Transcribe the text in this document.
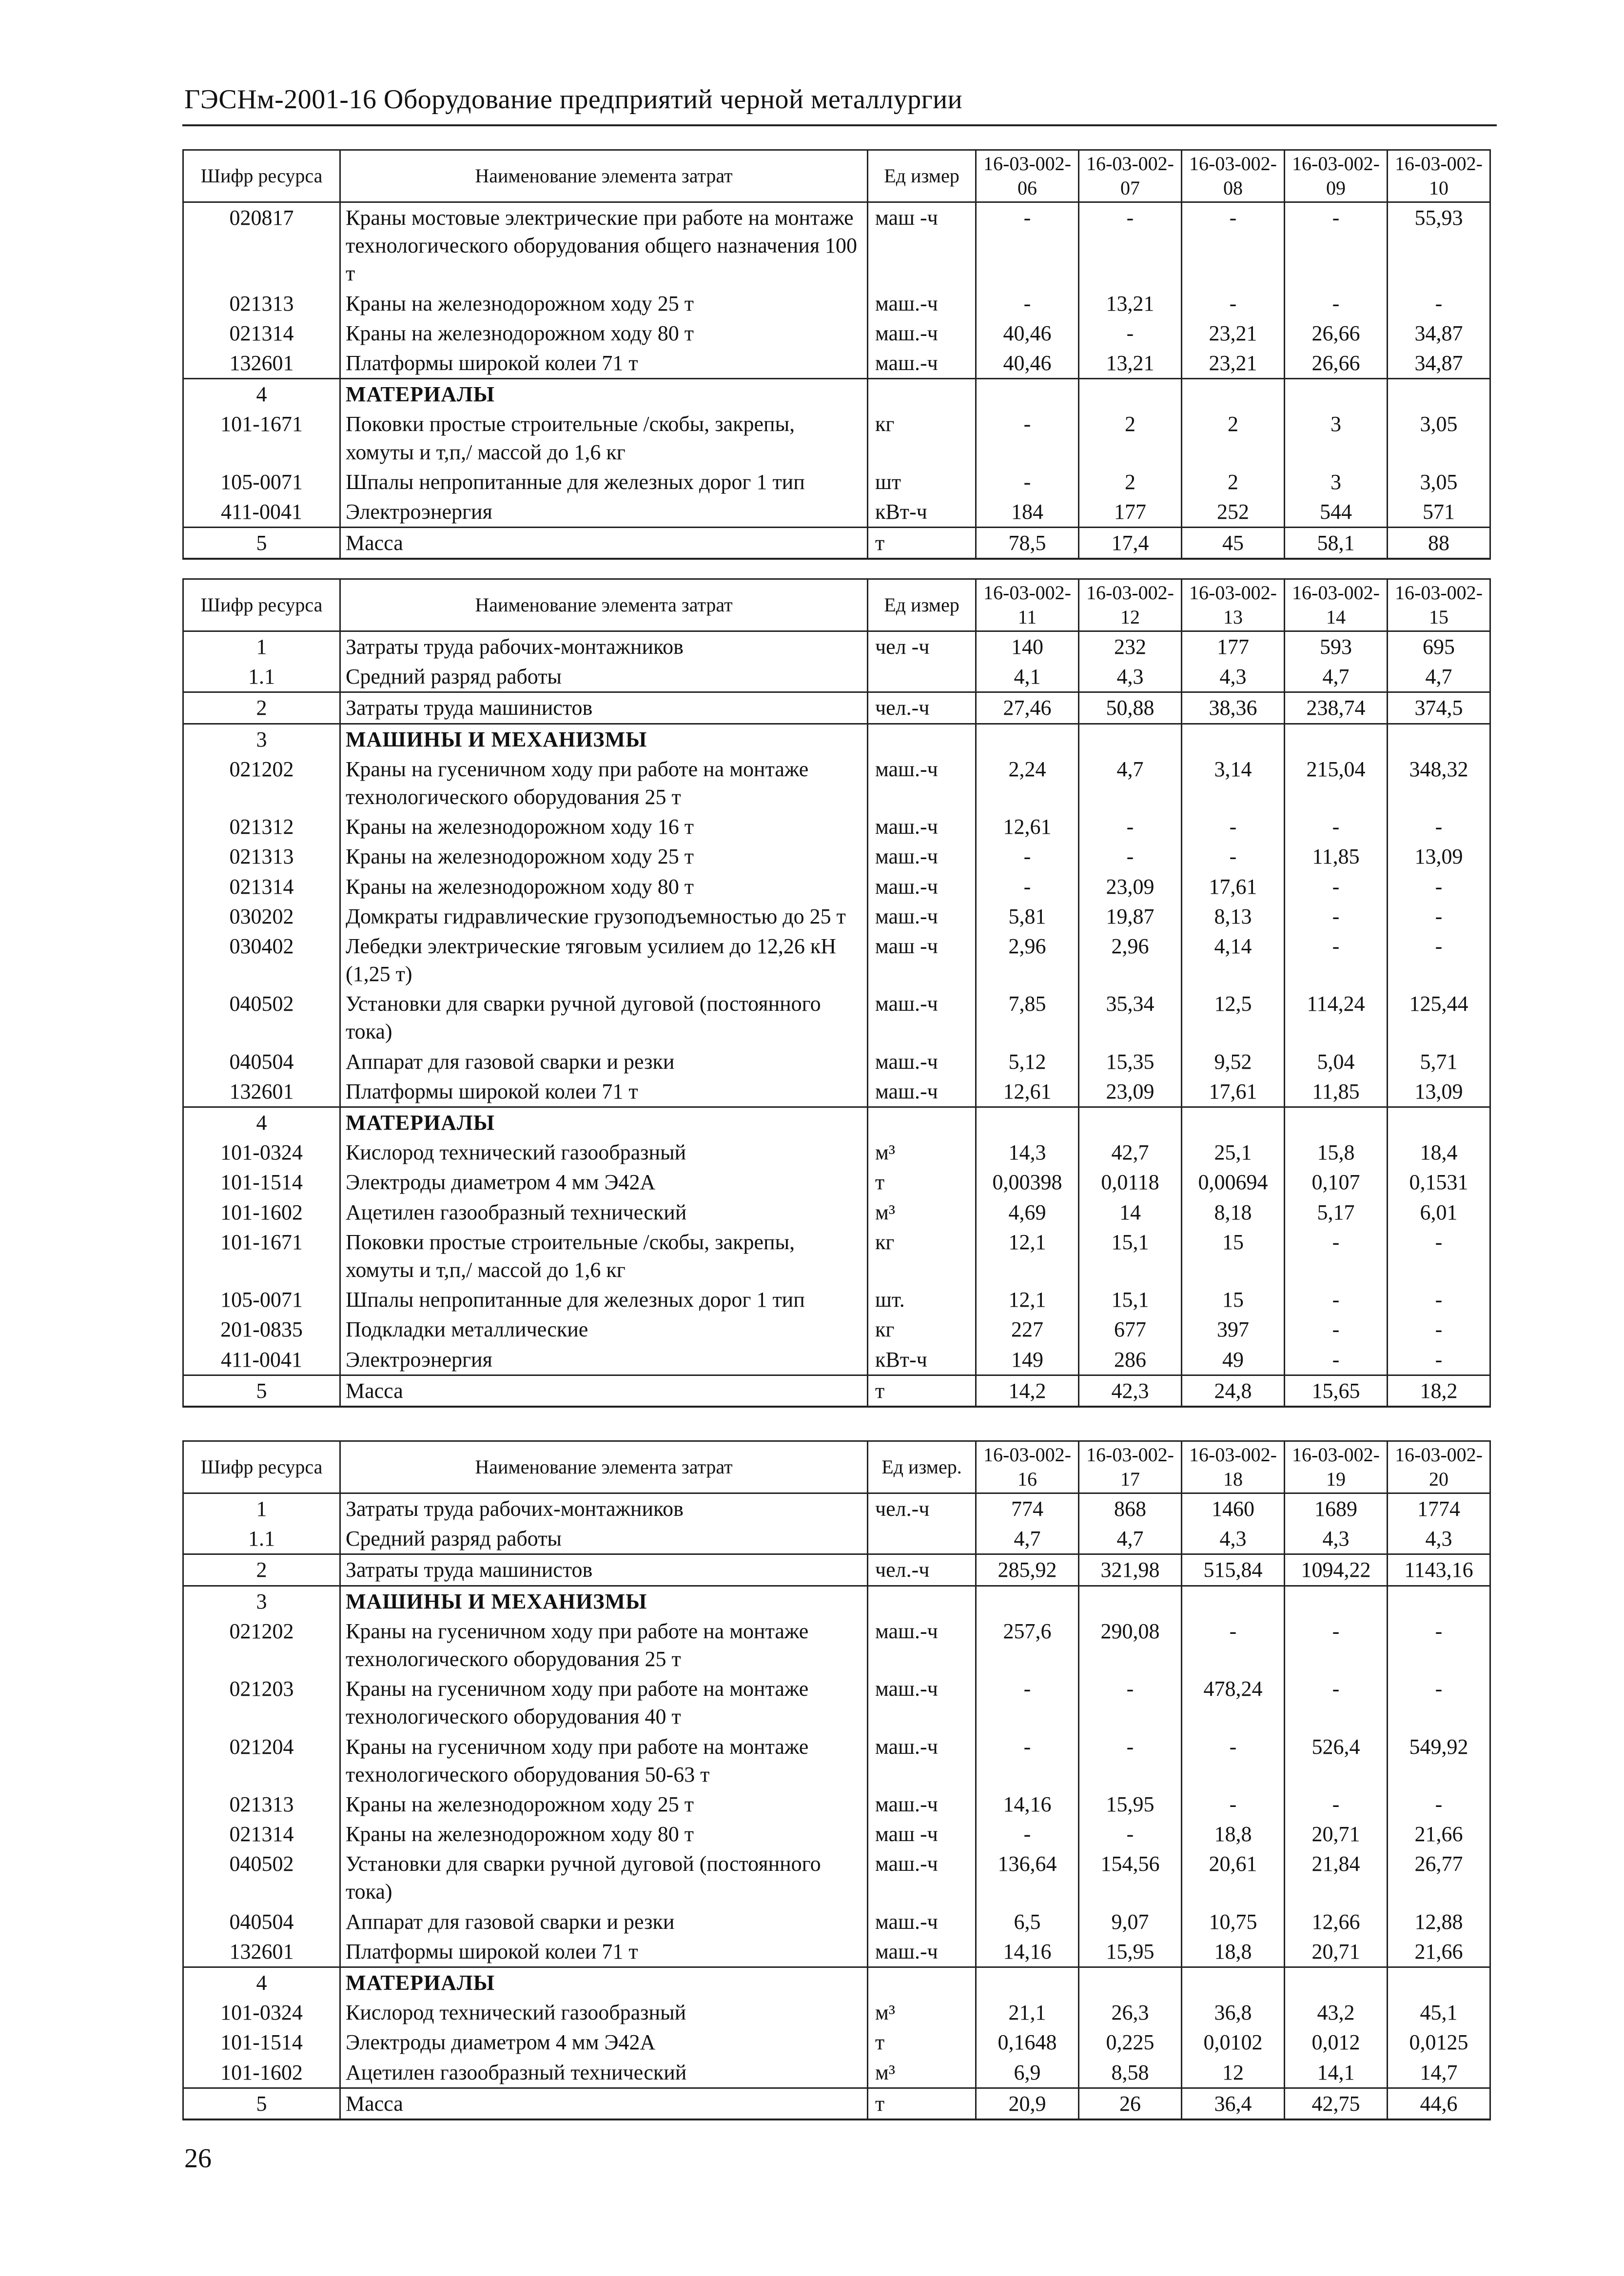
ГЭСНм-2001-16 Оборудование предприятий черной металлургии
Шифр ресурса	Наименование элемента затрат	Ед измер	16-03-002-06	16-03-002-07	16-03-002-08	16-03-002-09	16-03-002-10
020817	Краны мостовые электрические при работе на монтаже технологического оборудования общего назначения 100 т	маш -ч	-	-	-	-	55,93
021313	Краны на железнодорожном ходу 25 т	маш.-ч	-	13,21	-	-	-
021314	Краны на железнодорожном ходу 80 т	маш.-ч	40,46	-	23,21	26,66	34,87
132601	Платформы широкой колеи 71 т	маш.-ч	40,46	13,21	23,21	26,66	34,87
4	МАТЕРИАЛЫ						
101-1671	Поковки простые строительные /скобы, закрепы, хомуты и т,п,/ массой до 1,6 кг	кг	-	2	2	3	3,05
105-0071	Шпалы непропитанные для железных дорог 1 тип	шт	-	2	2	3	3,05
411-0041	Электроэнергия	кВт-ч	184	177	252	544	571
5	Масса	т	78,5	17,4	45	58,1	88
Шифр ресурса	Наименование элемента затрат	Ед измер	16-03-002-11	16-03-002-12	16-03-002-13	16-03-002-14	16-03-002-15
1	Затраты труда рабочих-монтажников	чел -ч	140	232	177	593	695
1.1	Средний разряд работы		4,1	4,3	4,3	4,7	4,7
2	Затраты труда машинистов	чел.-ч	27,46	50,88	38,36	238,74	374,5
3	МАШИНЫ И МЕХАНИЗМЫ						
021202	Краны на гусеничном ходу при работе на монтаже технологического оборудования 25 т	маш.-ч	2,24	4,7	3,14	215,04	348,32
021312	Краны на железнодорожном ходу 16 т	маш.-ч	12,61	-	-	-	-
021313	Краны на железнодорожном ходу 25 т	маш.-ч	-	-	-	11,85	13,09
021314	Краны на железнодорожном ходу 80 т	маш.-ч	-	23,09	17,61	-	-
030202	Домкраты гидравлические грузоподъемностью до 25 т	маш.-ч	5,81	19,87	8,13	-	-
030402	Лебедки электрические тяговым усилием до 12,26 кН (1,25 т)	маш -ч	2,96	2,96	4,14	-	-
040502	Установки для сварки ручной дуговой (постоянного тока)	маш.-ч	7,85	35,34	12,5	114,24	125,44
040504	Аппарат для газовой сварки и резки	маш.-ч	5,12	15,35	9,52	5,04	5,71
132601	Платформы широкой колеи 71 т	маш.-ч	12,61	23,09	17,61	11,85	13,09
4	МАТЕРИАЛЫ						
101-0324	Кислород технический газообразный	м³	14,3	42,7	25,1	15,8	18,4
101-1514	Электроды диаметром 4 мм Э42А	т	0,00398	0,0118	0,00694	0,107	0,1531
101-1602	Ацетилен газообразный технический	м³	4,69	14	8,18	5,17	6,01
101-1671	Поковки простые строительные /скобы, закрепы, хомуты и т,п,/ массой до 1,6 кг	кг	12,1	15,1	15	-	-
105-0071	Шпалы непропитанные для железных дорог 1 тип	шт.	12,1	15,1	15	-	-
201-0835	Подкладки металлические	кг	227	677	397	-	-
411-0041	Электроэнергия	кВт-ч	149	286	49	-	-
5	Масса	т	14,2	42,3	24,8	15,65	18,2
Шифр ресурса	Наименование элемента затрат	Ед измер.	16-03-002-16	16-03-002-17	16-03-002-18	16-03-002-19	16-03-002-20
1	Затраты труда рабочих-монтажников	чел.-ч	774	868	1460	1689	1774
1.1	Средний разряд работы		4,7	4,7	4,3	4,3	4,3
2	Затраты труда машинистов	чел.-ч	285,92	321,98	515,84	1094,22	1143,16
3	МАШИНЫ И МЕХАНИЗМЫ						
021202	Краны на гусеничном ходу при работе на монтаже технологического оборудования 25 т	маш.-ч	257,6	290,08	-	-	-
021203	Краны на гусеничном ходу при работе на монтаже технологического оборудования 40 т	маш.-ч	-	-	478,24	-	-
021204	Краны на гусеничном ходу при работе на монтаже технологического оборудования 50-63 т	маш.-ч	-	-	-	526,4	549,92
021313	Краны на железнодорожном ходу 25 т	маш.-ч	14,16	15,95	-	-	-
021314	Краны на железнодорожном ходу 80 т	маш -ч	-	-	18,8	20,71	21,66
040502	Установки для сварки ручной дуговой (постоянного тока)	маш.-ч	136,64	154,56	20,61	21,84	26,77
040504	Аппарат для газовой сварки и резки	маш.-ч	6,5	9,07	10,75	12,66	12,88
132601	Платформы широкой колеи 71 т	маш.-ч	14,16	15,95	18,8	20,71	21,66
4	МАТЕРИАЛЫ						
101-0324	Кислород технический газообразный	м³	21,1	26,3	36,8	43,2	45,1
101-1514	Электроды диаметром 4 мм Э42А	т	0,1648	0,225	0,0102	0,012	0,0125
101-1602	Ацетилен газообразный технический	м³	6,9	8,58	12	14,1	14,7
5	Масса	т	20,9	26	36,4	42,75	44,6
26
